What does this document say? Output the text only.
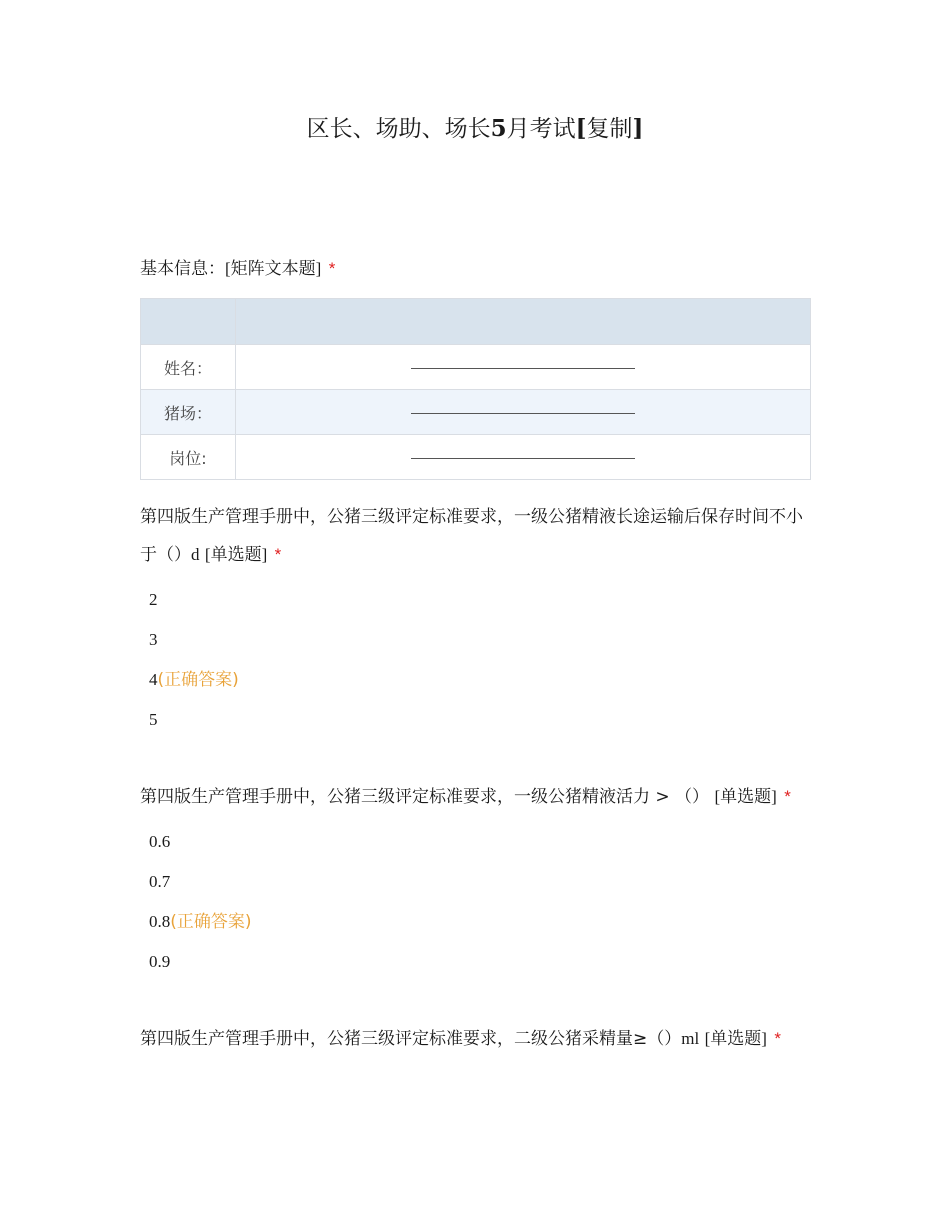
区长、场助、场长5月考试[复制]
基本信息：[矩阵文本题] *

姓名：	
猪场：	
岗位:	
第四版生产管理手册中，公猪三级评定标准要求，一级公猪精液长途运输后保存时间不小于（）d [单选题] *
2
3
4(正确答案)
5
第四版生产管理手册中，公猪三级评定标准要求，一级公猪精液活力 > （） [单选题] *
0.6
0.7
0.8(正确答案)
0.9
第四版生产管理手册中，公猪三级评定标准要求，二级公猪采精量≥（）ml [单选题] *
